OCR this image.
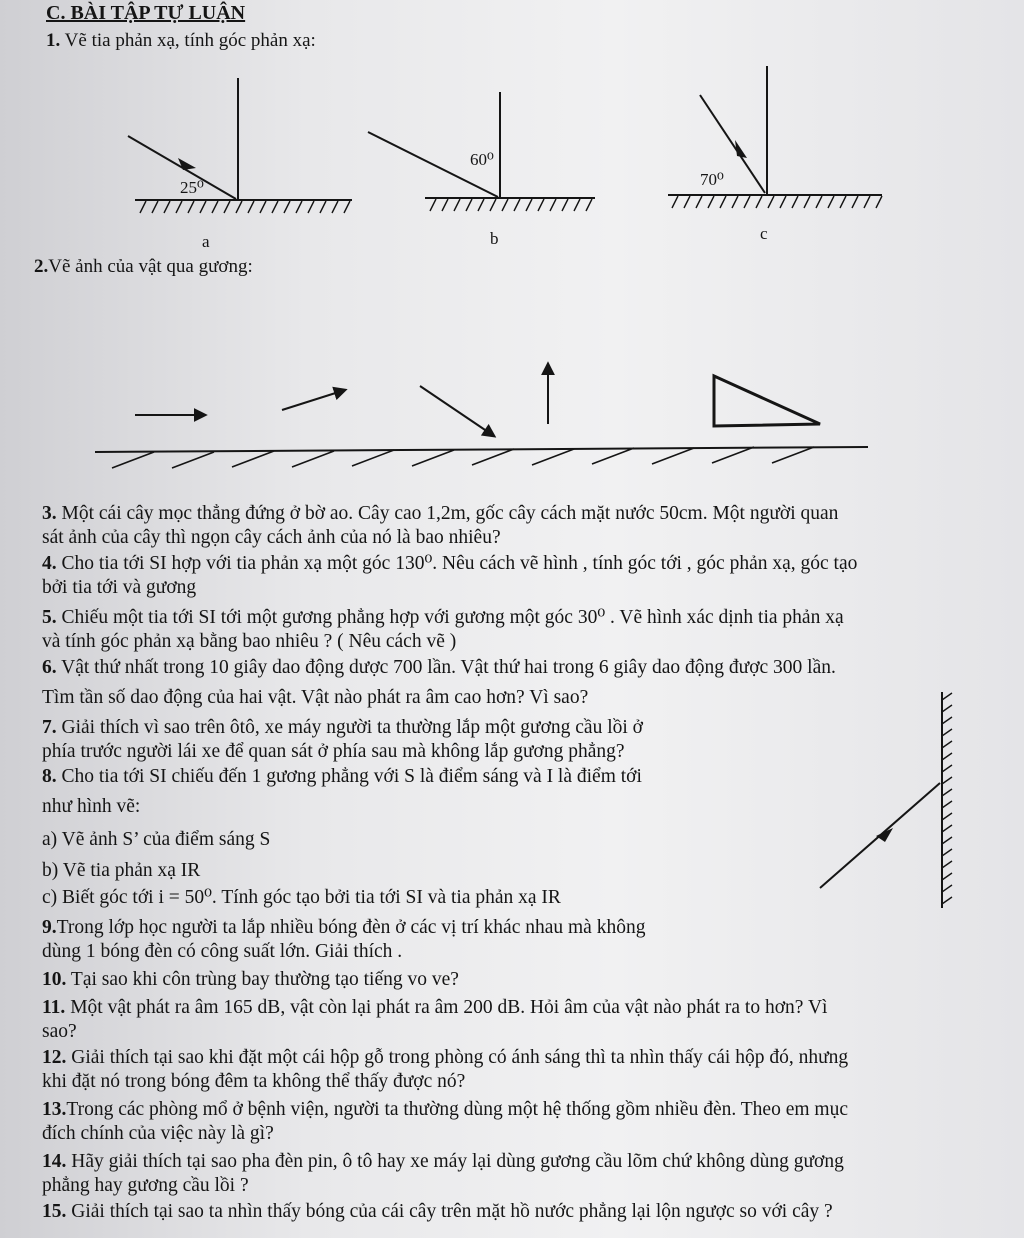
C. BÀI TẬP TỰ LUẬN
1. Vẽ tia phản xạ, tính góc phản xạ:
25⁰
a
60⁰
b
70⁰
c
2.Vẽ ảnh của vật qua gương:
3. Một cái cây mọc thẳng đứng ở bờ ao. Cây cao 1,2m, gốc cây cách mặt nước 50cm. Một người quan
sát ảnh của cây thì ngọn cây cách ảnh của nó là bao nhiêu?
4. Cho tia tới SI hợp với tia phản xạ một góc 130⁰. Nêu cách vẽ hình , tính góc tới , góc phản xạ, góc tạo
bởi tia tới và gương
5. Chiếu một tia tới SI tới một gương phẳng hợp với gương một góc 30⁰ . Vẽ hình xác dịnh tia phản xạ
và tính góc phản xạ bằng bao nhiêu ? ( Nêu cách vẽ )
6. Vật thứ nhất trong 10 giây dao động dược 700 lần. Vật thứ hai trong 6 giây dao động được 300 lần.
Tìm tần số dao động của hai vật. Vật nào phát ra âm cao hơn? Vì sao?
7. Giải thích vì sao trên ôtô, xe máy người ta thường lắp một gương cầu lồi ở
phía trước người lái xe để quan sát ở phía sau mà không lắp gương phẳng?
8. Cho tia tới SI chiếu đến 1 gương phẳng với S là điểm sáng và I là điểm tới
như hình vẽ:
a) Vẽ ảnh S’ của điểm sáng S
b) Vẽ tia phản xạ IR
c) Biết góc tới i = 50⁰. Tính góc tạo bởi tia tới SI và tia phản xạ IR
9.Trong lớp học người ta lắp nhiều bóng đèn ở các vị trí khác nhau mà không
dùng 1 bóng đèn có công suất lớn. Giải thích .
10. Tại sao khi côn trùng bay thường tạo tiếng vo ve?
11. Một vật phát ra âm 165 dB, vật còn lại phát ra âm 200 dB. Hỏi âm của vật nào phát ra to hơn? Vì
sao?
12. Giải thích tại sao khi đặt một cái hộp gỗ trong phòng có ánh sáng thì ta nhìn thấy cái hộp đó, nhưng
khi đặt nó trong bóng đêm ta không thể thấy được nó?
13.Trong các phòng mổ ở bệnh viện, người ta thường dùng một hệ thống gồm nhiều đèn. Theo em mục
đích chính của việc này là gì?
14. Hãy giải thích tại sao pha đèn pin, ô tô hay xe máy lại dùng gương cầu lõm chứ không dùng gương
phẳng hay gương cầu lồi ?
15. Giải thích tại sao ta nhìn thấy bóng của cái cây trên mặt hồ nước phẳng lại lộn ngược so với cây ?
